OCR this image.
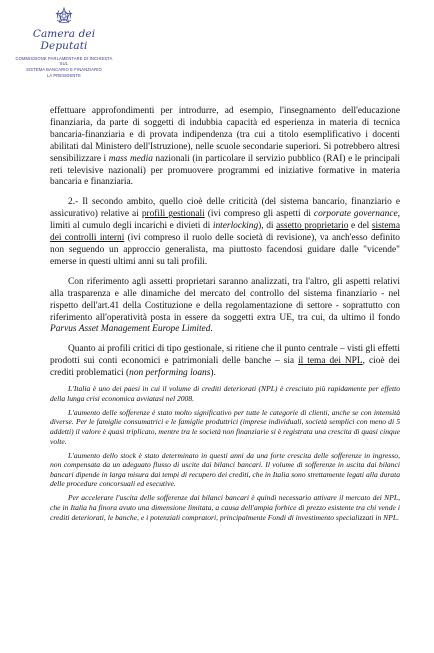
Camera dei Deputati
COMMISSIONE PARLAMENTARE DI INCHIESTA SUL
SISTEMA BANCARIO E FINANZIARIO
LA PRESIDENTE

effettuare approfondimenti per introdurre, ad esempio, l'insegnamento dell'educazione finanziaria, da parte di soggetti di indubbia capacità ed esperienza in materia di tecnica bancaria-finanziaria e di provata indipendenza (tra cui a titolo esemplificativo i docenti abilitati dal Ministero dell'Istruzione), nelle scuole secondarie superiori. Si potrebbero altresì sensibilizzare i mass media nazionali (in particolare il servizio pubblico (RAI) e le principali reti televisive nazionali) per promuovere programmi ed iniziative formative in materia bancaria e finanziaria.

2.- Il secondo ambito, quello cioè delle criticità (del sistema bancario, finanziario e assicurativo) relative ai profili gestionali (ivi compreso gli aspetti di corporate governance, limiti al cumulo degli incarichi e divieti di interlocking), di assetto proprietario e del sistema dei controlli interni (ivi compreso il ruolo delle società di revisione), va anch'esso definito non seguendo un approccio generalista, ma piuttosto facendosi guidare dalle "vicende" emerse in questi ultimi anni su tali profili.

Con riferimento agli assetti proprietari saranno analizzati, tra l'altro, gli aspetti relativi alla trasparenza e alle dinamiche del mercato del controllo del sistema finanziario - nel rispetto dell'art.41 della Costituzione e della regolamentazione di settore - soprattutto con riferimento all'operatività posta in essere da soggetti extra UE, tra cui, da ultimo il fondo Parvus Asset Management Europe Limited.

Quanto ai profili critici di tipo gestionale, si ritiene che il punto centrale – visti gli effetti prodotti sui conti economici e patrimoniali delle banche – sia il tema dei NPL, cioè dei crediti problematici (non performing loans).

L'Italia è uno dei paesi in cui il volume di crediti deteriorati (NPL) è cresciuto più rapidamente per effetto della lunga crisi economica avviatasi nel 2008.

L'aumento delle sofferenze è stato molto significativo per tutte le categorie di clienti, anche se con intensità diverse. Per le famiglie consumatrici e le famiglie produttrici (imprese individuali, società semplici con meno di 5 addetti) il valore è quasi triplicato, mentre tra le società non finanziarie si è registrata una crescita di quasi cinque volte.

L'aumento dello stock è stato determinato in questi anni da una forte crescita delle sofferenze in ingresso, non compensata da un adeguato flusso di uscite dai bilanci bancari. Il volume di sofferenze in uscita dai bilanci bancari dipende in larga misura dai tempi di recupero dei crediti, che in Italia sono strettamente legati alla durata delle procedure concorsuali ed esecutive.

Per accelerare l'uscita delle sofferenze dai bilanci bancari è quindi necessario attivare il mercato dei NPL, che in Italia ha finora avuto una dimensione limitata, a causa dell'ampia forbice di prezzo esistente tra chi vende i crediti deteriorati, le banche, e i potenziali compratori, principalmente Fondi di investimento specializzati in NPL.
